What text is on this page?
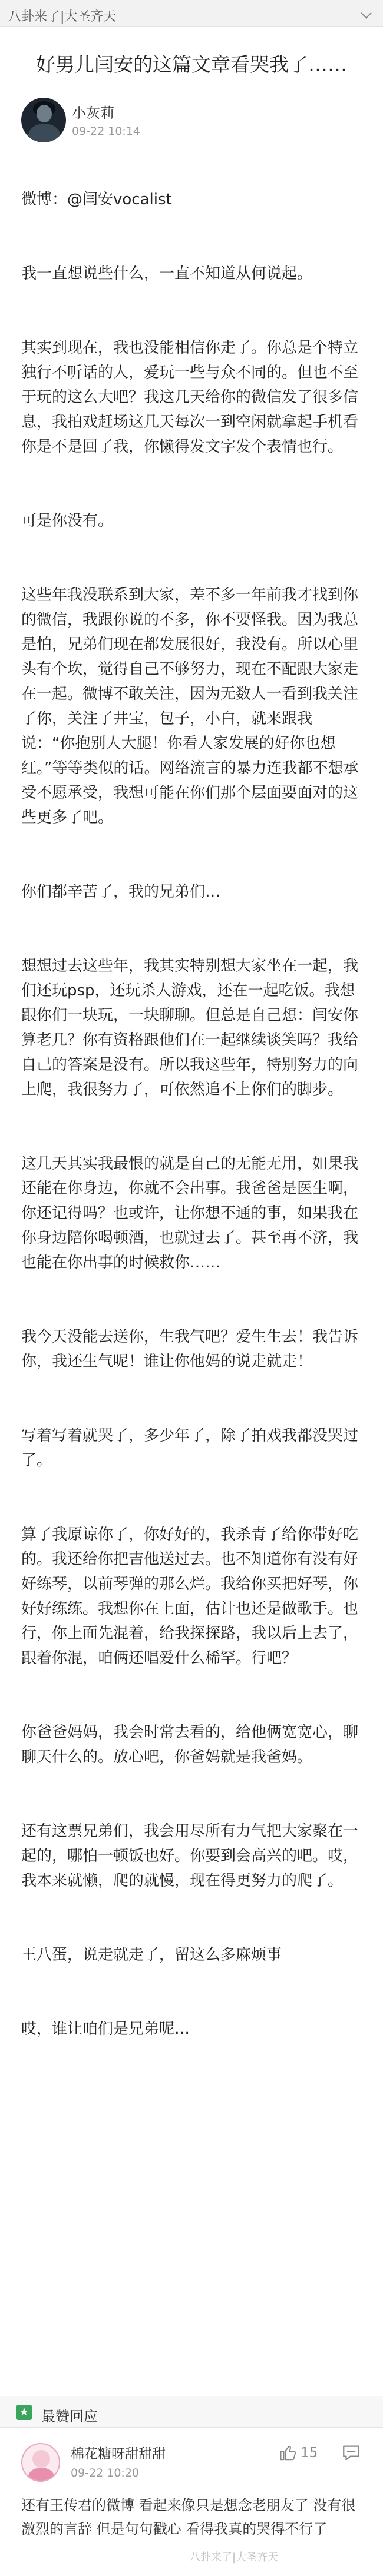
八卦来了|大圣齐天
好男儿闫安的这篇文章看哭我了……
小灰莉
09-22 10:14

微博：@闫安vocalist

我一直想说些什么，一直不知道从何说起。

其实到现在，我也没能相信你走了。你总是个特立独行不听话的人，爱玩一些与众不同的。但也不至于玩的这么大吧？我这几天给你的微信发了很多信息，我拍戏赶场这几天每次一到空闲就拿起手机看你是不是回了我，你懒得发文字发个表情也行。

可是你没有。

这些年我没联系到大家，差不多一年前我才找到你的微信，我跟你说的不多，你不要怪我。因为我总是怕，兄弟们现在都发展很好，我没有。所以心里头有个坎，觉得自己不够努力，现在不配跟大家走在一起。微博不敢关注，因为无数人一看到我关注了你，关注了井宝，包子，小白，就来跟我说：“你抱别人大腿！你看人家发展的好你也想红。”等等类似的话。网络流言的暴力连我都不想承受不愿承受，我想可能在你们那个层面要面对的这些更多了吧。

你们都辛苦了，我的兄弟们…

想想过去这些年，我其实特别想大家坐在一起，我们还玩psp，还玩杀人游戏，还在一起吃饭。我想跟你们一块玩，一块聊聊。但总是自己想：闫安你算老几？你有资格跟他们在一起继续谈笑吗？我给自己的答案是没有。所以我这些年，特别努力的向上爬，我很努力了，可依然追不上你们的脚步。

这几天其实我最恨的就是自己的无能无用，如果我还能在你身边，你就不会出事。我爸爸是医生啊，你还记得吗？也或许，让你想不通的事，如果我在你身边陪你喝顿酒，也就过去了。甚至再不济，我也能在你出事的时候救你……

我今天没能去送你，生我气吧？爱生生去！我告诉你，我还生气呢！谁让你他妈的说走就走！

写着写着就哭了，多少年了，除了拍戏我都没哭过了。

算了我原谅你了，你好好的，我杀青了给你带好吃的。我还给你把吉他送过去。也不知道你有没有好好练琴，以前琴弹的那么烂。我给你买把好琴，你好好练练。我想你在上面，估计也还是做歌手。也行，你上面先混着，给我探探路，我以后上去了，跟着你混，咱俩还唱爱什么稀罕。行吧？

你爸爸妈妈，我会时常去看的，给他俩宽宽心，聊聊天什么的。放心吧，你爸妈就是我爸妈。

还有这票兄弟们，我会用尽所有力气把大家聚在一起的，哪怕一顿饭也好。你要到会高兴的吧。哎，我本来就懒，爬的就慢，现在得更努力的爬了。

王八蛋，说走就走了，留这么多麻烦事

哎，谁让咱们是兄弟呢…

★ 最赞回应
棉花糖呀甜甜甜
09-22 10:20
15
还有王传君的微博 看起来像只是想念老朋友了 没有很激烈的言辞 但是句句戳心 看得我真的哭得不行了
八卦来了|大圣齐天
